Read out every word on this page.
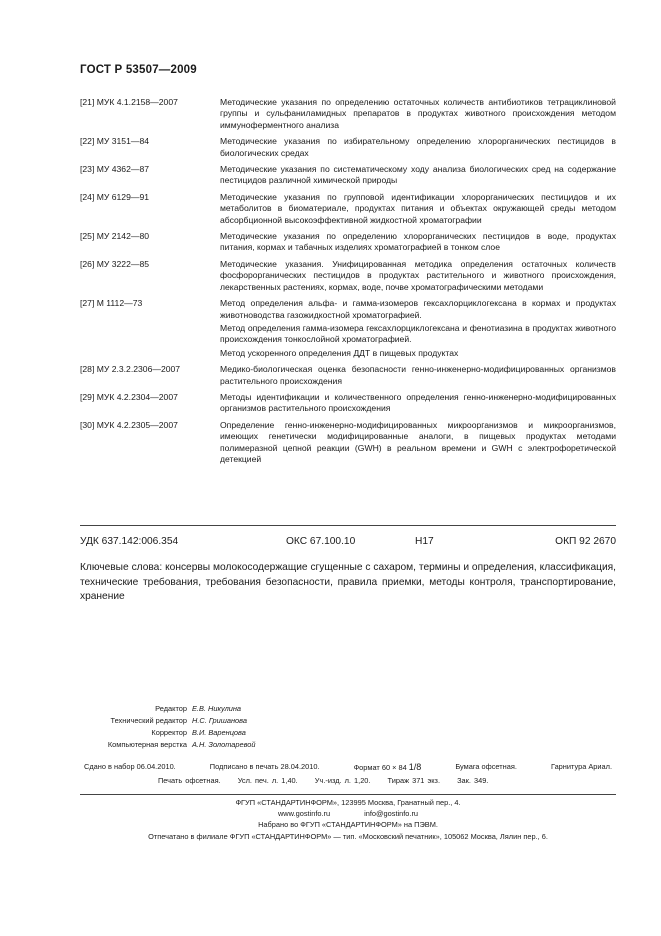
ГОСТ Р 53507—2009
[21] МУК 4.1.2158—2007	Методические указания по определению остаточных количеств антибиотиков тетрациклиновой группы и сульфаниламидных препаратов в продуктах животного происхождения методом иммуноферментного анализа
[22] МУ 3151—84	Методические указания по избирательному определению хлорорганических пестицидов в биологических средах
[23] МУ 4362—87	Методические указания по систематическому ходу анализа биологических сред на содержание пестицидов различной химической природы
[24] МУ 6129—91	Методические указания по групповой идентификации хлорорганических пестицидов и их метаболитов в биоматериале, продуктах питания и объектах окружающей среды методом абсорбционной высокоэффективной жидкостной хроматографии
[25] МУ 2142—80	Методические указания по определению хлорорганических пестицидов в воде, продуктах питания, кормах и табачных изделиях хроматографией в тонком слое
[26] МУ 3222—85	Методические указания. Унифицированная методика определения остаточных количеств фосфорорганических пестицидов в продуктах растительного и животного происхождения, лекарственных растениях, кормах, воде, почве хроматографическими методами
[27] М 1112—73	Метод определения альфа- и гамма-изомеров гексахлорциклогексана в кормах и продуктах животноводства газожидкостной хроматографией.
Метод определения гамма-изомера гексахлорциклогексана и фенотиазина в продуктах животного происхождения тонкослойной хроматографией.
Метод ускоренного определения ДДТ в пищевых продуктах
[28] МУ 2.3.2.2306—2007	Медико-биологическая оценка безопасности генно-инженерно-модифицированных организмов растительного происхождения
[29] МУК 4.2.2304—2007	Методы идентификации и количественного определения генно-инженерно-модифицированных организмов растительного происхождения
[30] МУК 4.2.2305—2007	Определение генно-инженерно-модифицированных микроорганизмов и микроорганизмов, имеющих генетически модифицированные аналоги, в пищевых продуктах методами полимеразной цепной реакции (GWH) в реальном времени и GWH с электрофоретической детекцией
УДК 637.142:006.354	ОКС 67.100.10	Н17	ОКП 92 2670
Ключевые слова: консервы молокосодержащие сгущенные с сахаром, термины и определения, классификация, технические требования, требования безопасности, правила приемки, методы контроля, транспортирование, хранение
Редактор Е.В. Никулина
Технический редактор Н.С. Гришанова
Корректор В.И. Варенцова
Компьютерная верстка А.Н. Золотаревой
Сдано в набор 06.04.2010.	Подписано в печать 28.04.2010.	Формат 60 × 84 1/8	Бумага офсетная.	Гарнитура Ариал.
Печать офсетная. Усл. печ. л. 1,40. Уч.-изд. л. 1,20. Тираж 371 экз. Зак. 349.
ФГУП «СТАНДАРТИНФОРМ», 123995 Москва, Гранатный пер., 4.
www.gostinfo.ru	info@gostinfo.ru
Набрано во ФГУП «СТАНДАРТИНФОРМ» на ПЭВМ.
Отпечатано в филиале ФГУП «СТАНДАРТИНФОРМ» — тип. «Московский печатник», 105062 Москва, Лялин пер., 6.
